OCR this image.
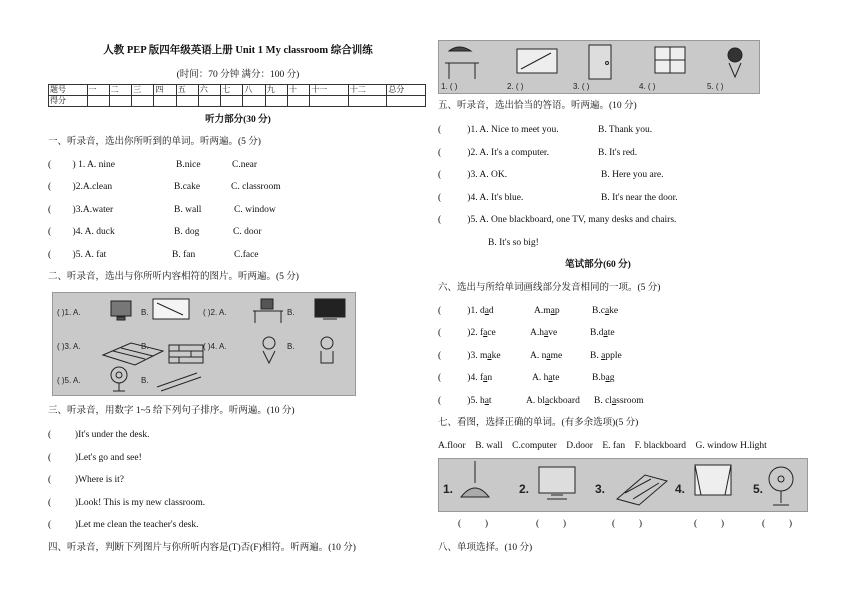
人教 PEP 版四年级英语上册 Unit 1 My classroom 综合训练
(时间：70 分钟 满分：100 分)
题号	一	二	三	四	五	六	七	八	九	十	十一	十二	总分
得分													
听力部分(30 分)
一、听录音，选出你所听到的单词。听两遍。(5 分)
(         ) 1. A. nine	B.nice	C.near
(         )2.A.clean	B.cake	C. classroom
(         )3.A.water	B. wall	C. window
(         )4. A. duck	B. dog	C. door
(         )5. A. fat	B. fan	C.face
二、听录音，选出与你所听内容相符的图片。听两遍。(5 分)
( )1. A.	B.	( )2. A.	B.
( )3. A.	B.	( )4. A.	B.
( )5. A.	B.
三、听录音，用数字 1~5 给下列句子排序。听两遍。(10 分)
(          )It's under the desk.
(          )Let's go and see!
(          )Where is it?
(          )Look! This is my new classroom.
(          )Let me clean the teacher's desk.
四、听录音，判断下列图片与你所听内容是(T)否(F)相符。听两遍。(10 分)
1. ( )	2. ( )	3. ( )	4. ( )	5. ( )
五、听录音，选出恰当的答语。听两遍。(10 分)
(           )1. A. Nice to meet you.	B. Thank you.
(           )2. A. It's a computer.	B. It's red.
(           )3. A. OK.	B. Here you are.
(           )4. A. It's blue.	B. It's near the door.
(           )5. A. One blackboard, one TV, many desks and chairs.
B. It's so big!
笔试部分(60 分)
六、选出与所给单词画线部分发音相同的一项。(5 分)
(           )1. dad	A.map	B.cake
(           )2. face	A.have	B.date
(           )3. make	A. name	B. apple
(           )4. fan	A. hate	B.bag
(           )5. hat	A. blackboard B. classroom
七、看图，选择正确的单词。(有多余选项)(5 分)
A.floor    B. wall    C.computer    D.door    E. fan    F. blackboard    G. window H.light
1.	2.	3.	4.	5.
(          )	(          )	(          )	(          )	(          )
八、单项选择。(10 分)
